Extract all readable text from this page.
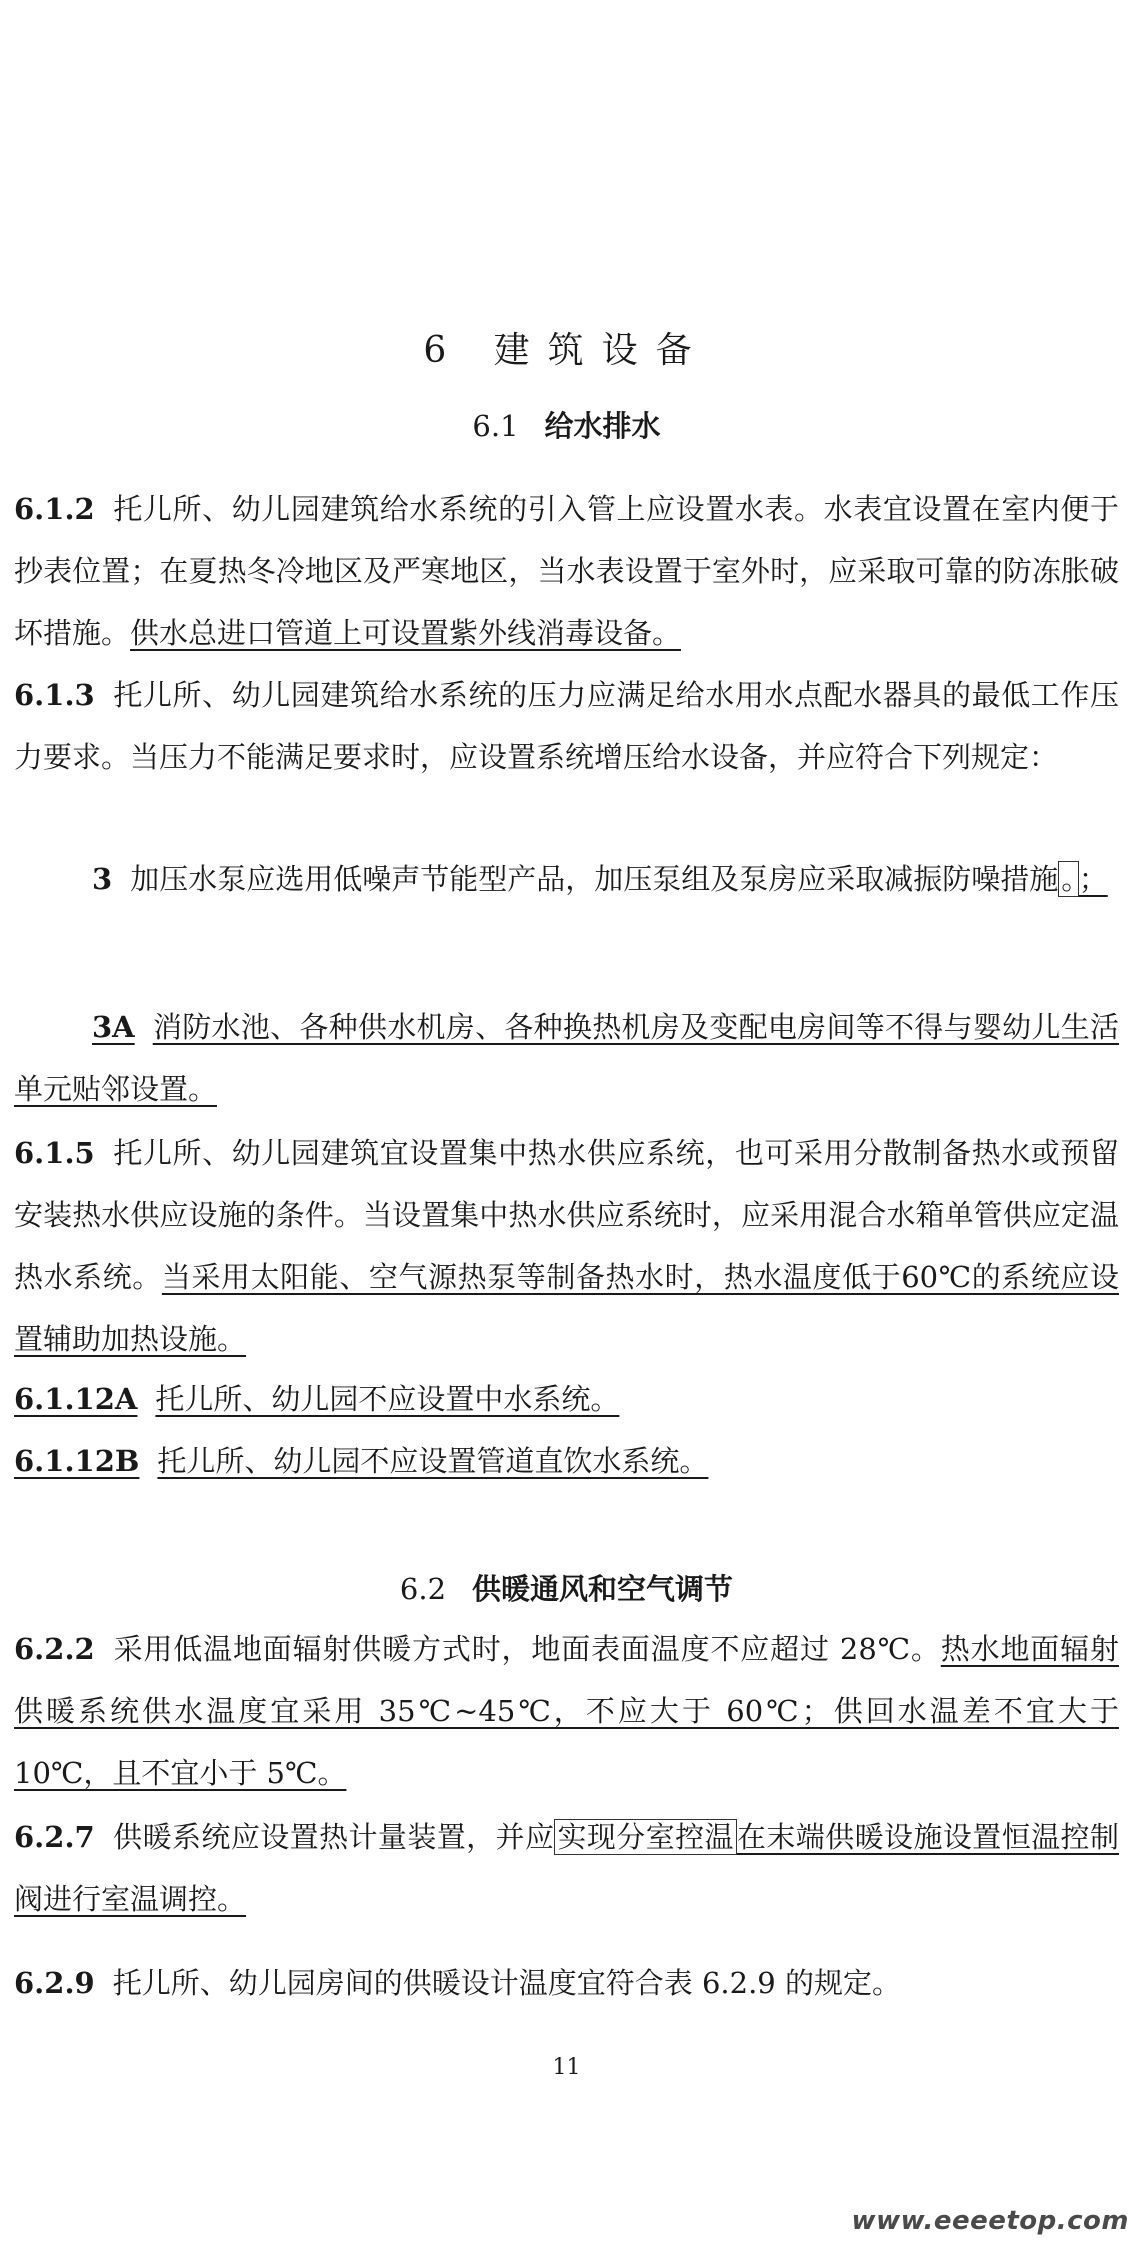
6 建筑设备
6.1 给水排水
6.1.2 托儿所、幼儿园建筑给水系统的引入管上应设置水表。水表宜设置在室内便于抄表位置；在夏热冬冷地区及严寒地区，当水表设置于室外时，应采取可靠的防冻胀破坏措施。供水总进口管道上可设置紫外线消毒设备。
6.1.3 托儿所、幼儿园建筑给水系统的压力应满足给水用水点配水器具的最低工作压力要求。当压力不能满足要求时，应设置系统增压给水设备，并应符合下列规定：
3 加压水泵应选用低噪声节能型产品，加压泵组及泵房应采取减振防噪措施 。 ；
3A 消防水池、各种供水机房、各种换热机房及变配电房间等不得与婴幼儿生活单元贴邻设置。
6.1.5 托儿所、幼儿园建筑宜设置集中热水供应系统，也可采用分散制备热水或预留安装热水供应设施的条件。当设置集中热水供应系统时，应采用混合水箱单管供应定温热水系统。当采用太阳能、空气源热泵等制备热水时，热水温度低于60℃的系统应设置辅助加热设施。
6.1.12A 托儿所、幼儿园不应设置中水系统。
6.1.12B 托儿所、幼儿园不应设置管道直饮水系统。
6.2 供暖通风和空气调节
6.2.2 采用低温地面辐射供暖方式时，地面表面温度不应超过 28℃。热水地面辐射供暖系统供水温度宜采用 35℃~45℃，不应大于 60℃；供回水温差不宜大于 10℃，且不宜小于 5℃。
6.2.7 供暖系统应设置热计量装置，并应 实现分室控温 在末端供暖设施设置恒温控制阀进行室温调控。
6.2.9 托儿所、幼儿园房间的供暖设计温度宜符合表 6.2.9 的规定。
11
www.eeeetop.com
